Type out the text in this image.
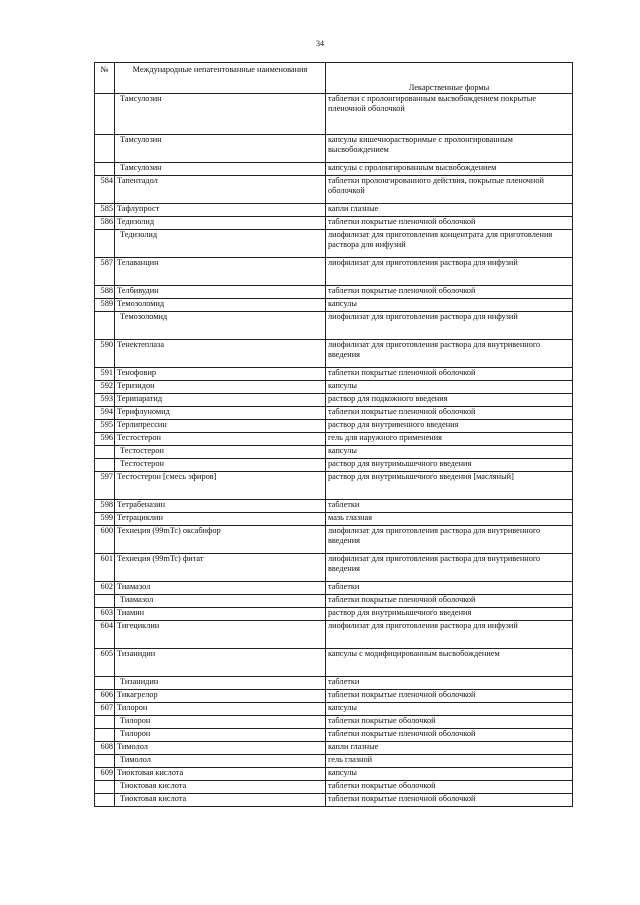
34
№	Международные непатентованные наименования	Лекарственные формы
	Тамсулозин	таблетки с пролонгированным высвобождением покрытые пленочной оболочкой
	Тамсулозин	капсулы кишечнорастворимые с пролонгированным высвобождением
	Тамсулозин	капсулы с пролонгированным высвобождением
584	Тапентадол	таблетки пролонгированного действия, покрытые пленочной оболочкой
585	Тафлупрост	капли глазные
586	Тедизолид	таблетки покрытые пленочной оболочкой
	Тедизолид	лиофилизат для приготовления концентрата для приготовления раствора для инфузий
587	Телаванцин	лиофилизат для приготовления раствора для инфузий
588	Телбивудин	таблетки покрытые пленочной оболочкой
589	Темозоломид	капсулы
	Темозоломид	лиофилизат для приготовления раствора для инфузий
590	Тенектеплаза	лиофилизат для приготовления раствора для внутривенного введения
591	Тенофовир	таблетки покрытые пленочной оболочкой
592	Теризидон	капсулы
593	Терипаратид	раствор для подкожного введения
594	Терифлуномид	таблетки покрытые пленочной оболочкой
595	Терлипрессин	раствор для внутривенного введения
596	Тестостерон	гель для наружного применения
	Тестостерон	капсулы
	Тестостерон	раствор для внутримышечного введения
597	Тестостерон [смесь эфиров]	раствор для внутримышечного введения [масляный]
598	Тетрабеназин	таблетки
599	Тетрациклин	мазь глазная
600	Технеция (99mTc) оксабифор	лиофилизат для приготовления раствора для внутривенного введения
601	Технеция (99mTc) фитат	лиофилизат для приготовления раствора для внутривенного введения
602	Тиамазол	таблетки
	Тиамазол	таблетки покрытые пленочной оболочкой
603	Тиамин	раствор для внутримышечного введения
604	Тигециклин	лиофилизат для приготовления раствора для инфузий
605	Тизанидин	капсулы с модифицированным высвобождением
	Тизанидин	таблетки
606	Тикагрелор	таблетки покрытые пленочной оболочкой
607	Тилорон	капсулы
	Тилорон	таблетки покрытые оболочкой
	Тилорон	таблетки покрытые пленочной оболочкой
608	Тимолол	капли глазные
	Тимолол	гель глазной
609	Тиоктовая кислота	капсулы
	Тиоктовая кислота	таблетки покрытые оболочкой
	Тиоктовая кислота	таблетки покрытые пленочной оболочкой
